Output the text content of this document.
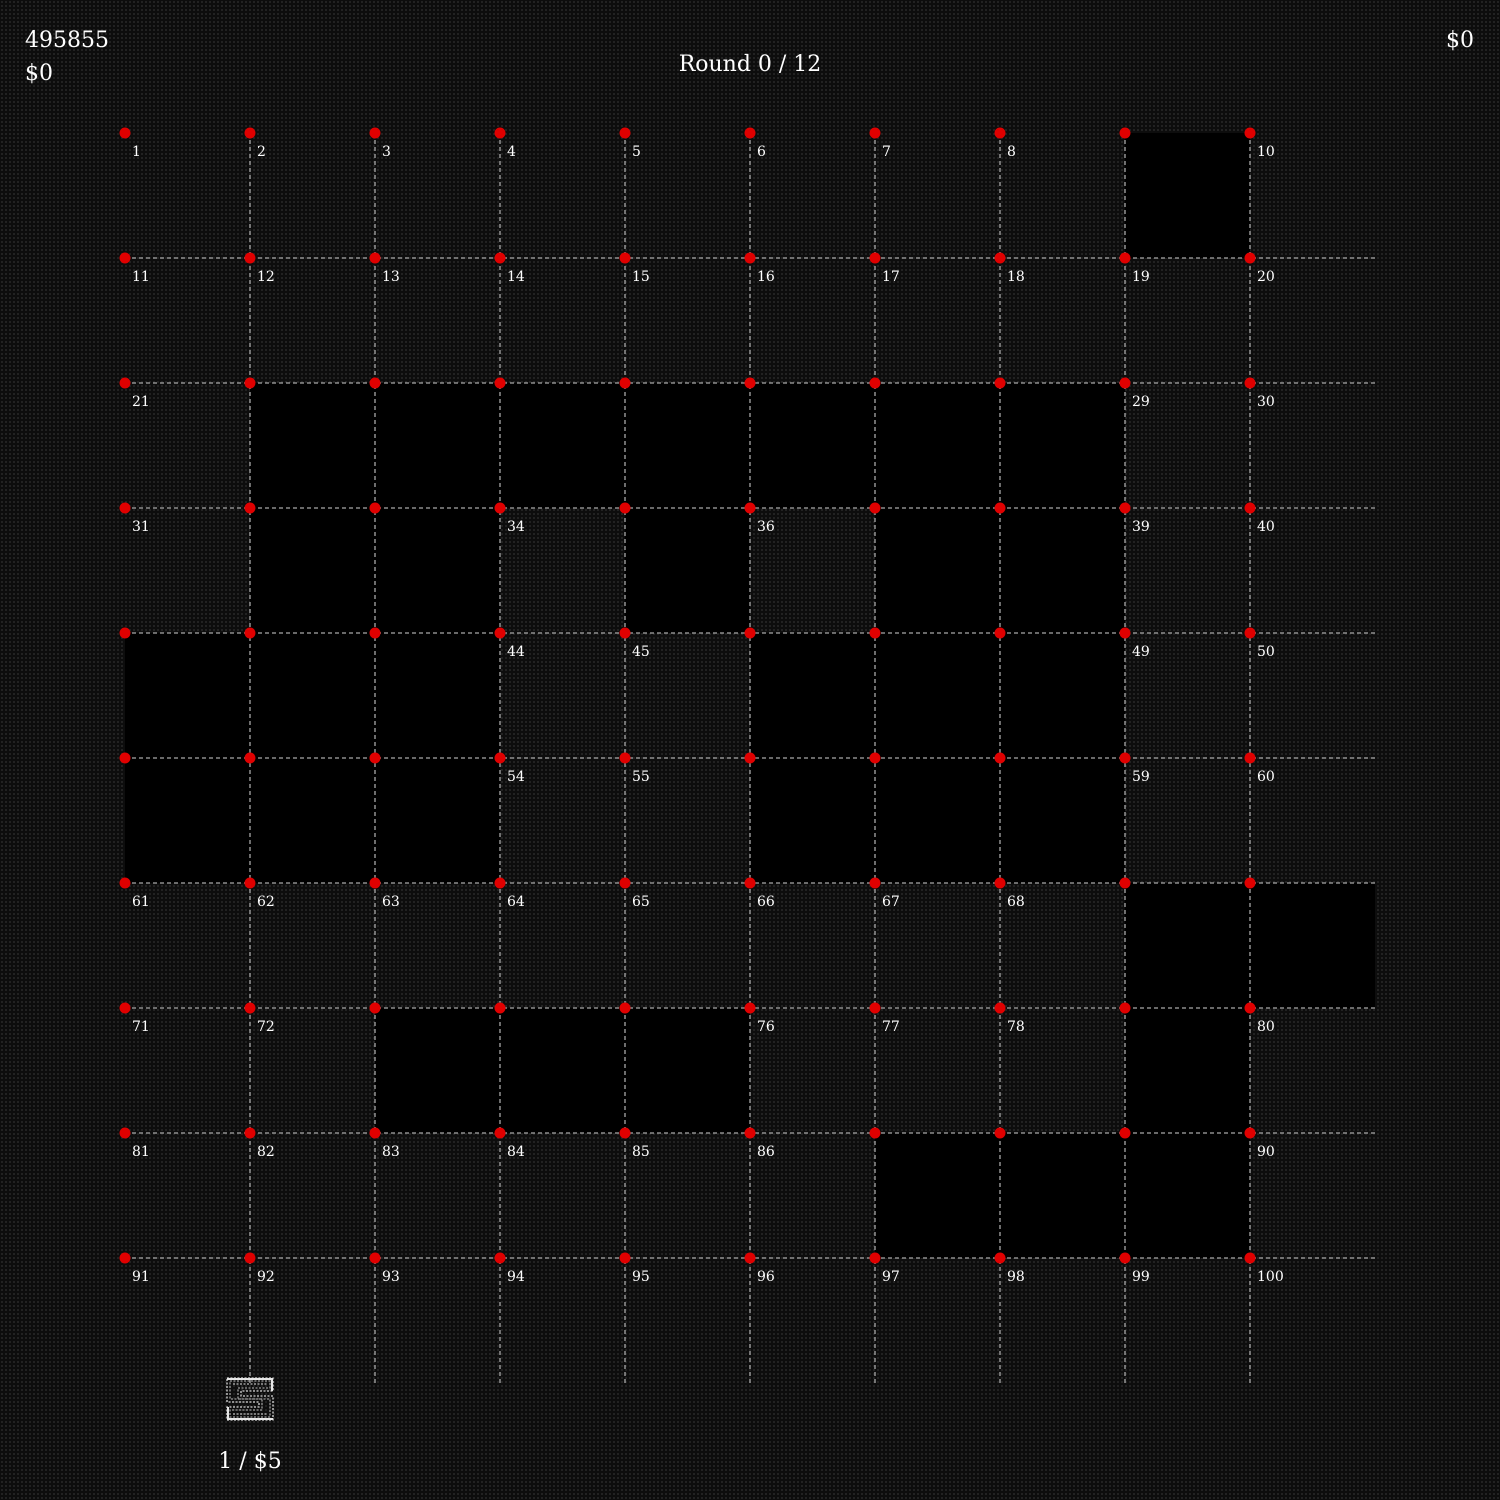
495855
$0	Round 0 / 12
$0
1	2	3	4	5	6	7	8	10
11	12	13	14	15	16	17	18	19	20
21	29	30
31	34	36	39	40
44	45	49	50
54	55	59	60
61	62	63	64	65	66	67	68
71	72	76	77	78	80
81	82	83	84	85	86	90
91	92	93	94	95	96	97	98	99	100
1 / $5
